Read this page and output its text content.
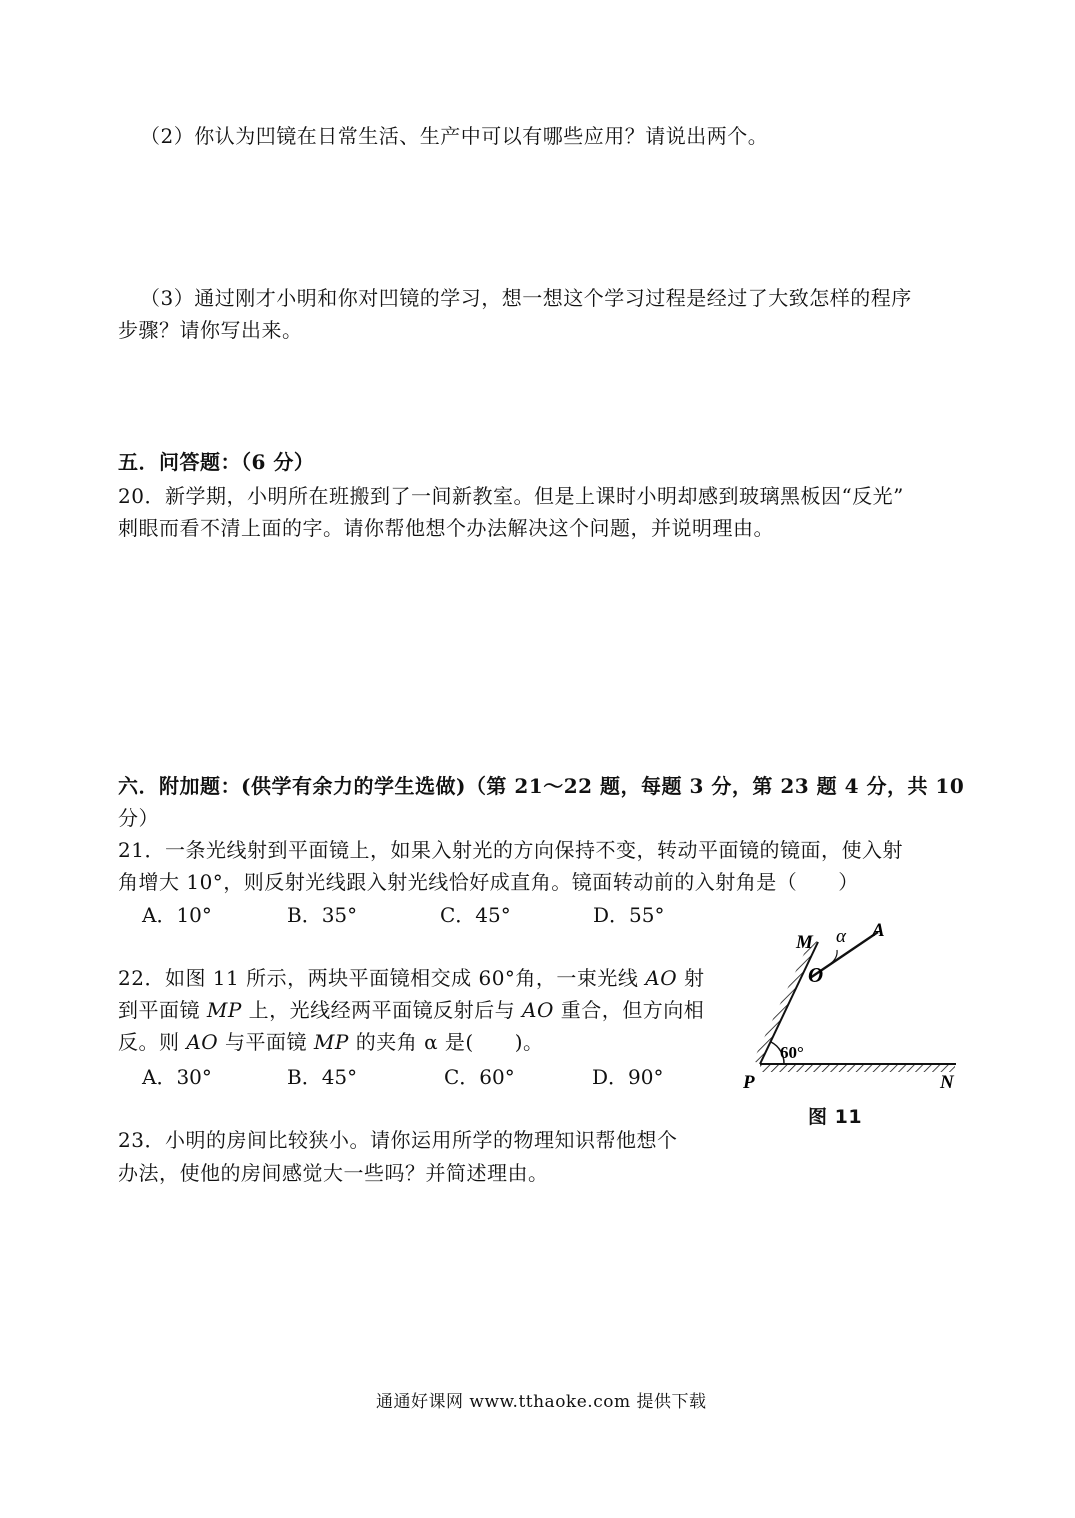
（2）你认为凹镜在日常生活、生产中可以有哪些应用？请说出两个。
（3）通过刚才小明和你对凹镜的学习，想一想这个学习过程是经过了大致怎样的程序
步骤？请你写出来。
五．问答题：（6 分）
20．新学期，小明所在班搬到了一间新教室。但是上课时小明却感到玻璃黑板因“反光”
刺眼而看不清上面的字。请你帮他想个办法解决这个问题，并说明理由。
六．附加题：(供学有余力的学生选做)（第 21～22 题，每题 3 分，第 23 题 4 分，共 10
分）
21．一条光线射到平面镜上，如果入射光的方向保持不变，转动平面镜的镜面，使入射
角增大 10°，则反射光线跟入射光线恰好成直角。镜面转动前的入射角是（　　）
A．10°	B．35°	C．45°	D．55°
22．如图 11 所示，两块平面镜相交成 60°角，一束光线 AO 射
到平面镜 MP 上，光线经两平面镜反射后与 AO 重合，但方向相
反。则 AO 与平面镜 MP 的夹角 α 是(　　)。
A．30°	B．45°	C．60°	D．90°
M α A
O
60°
P	N
图 11
23．小明的房间比较狭小。请你运用所学的物理知识帮他想个
办法，使他的房间感觉大一些吗？并简述理由。
通通好课网 www.tthaoke.com 提供下载
